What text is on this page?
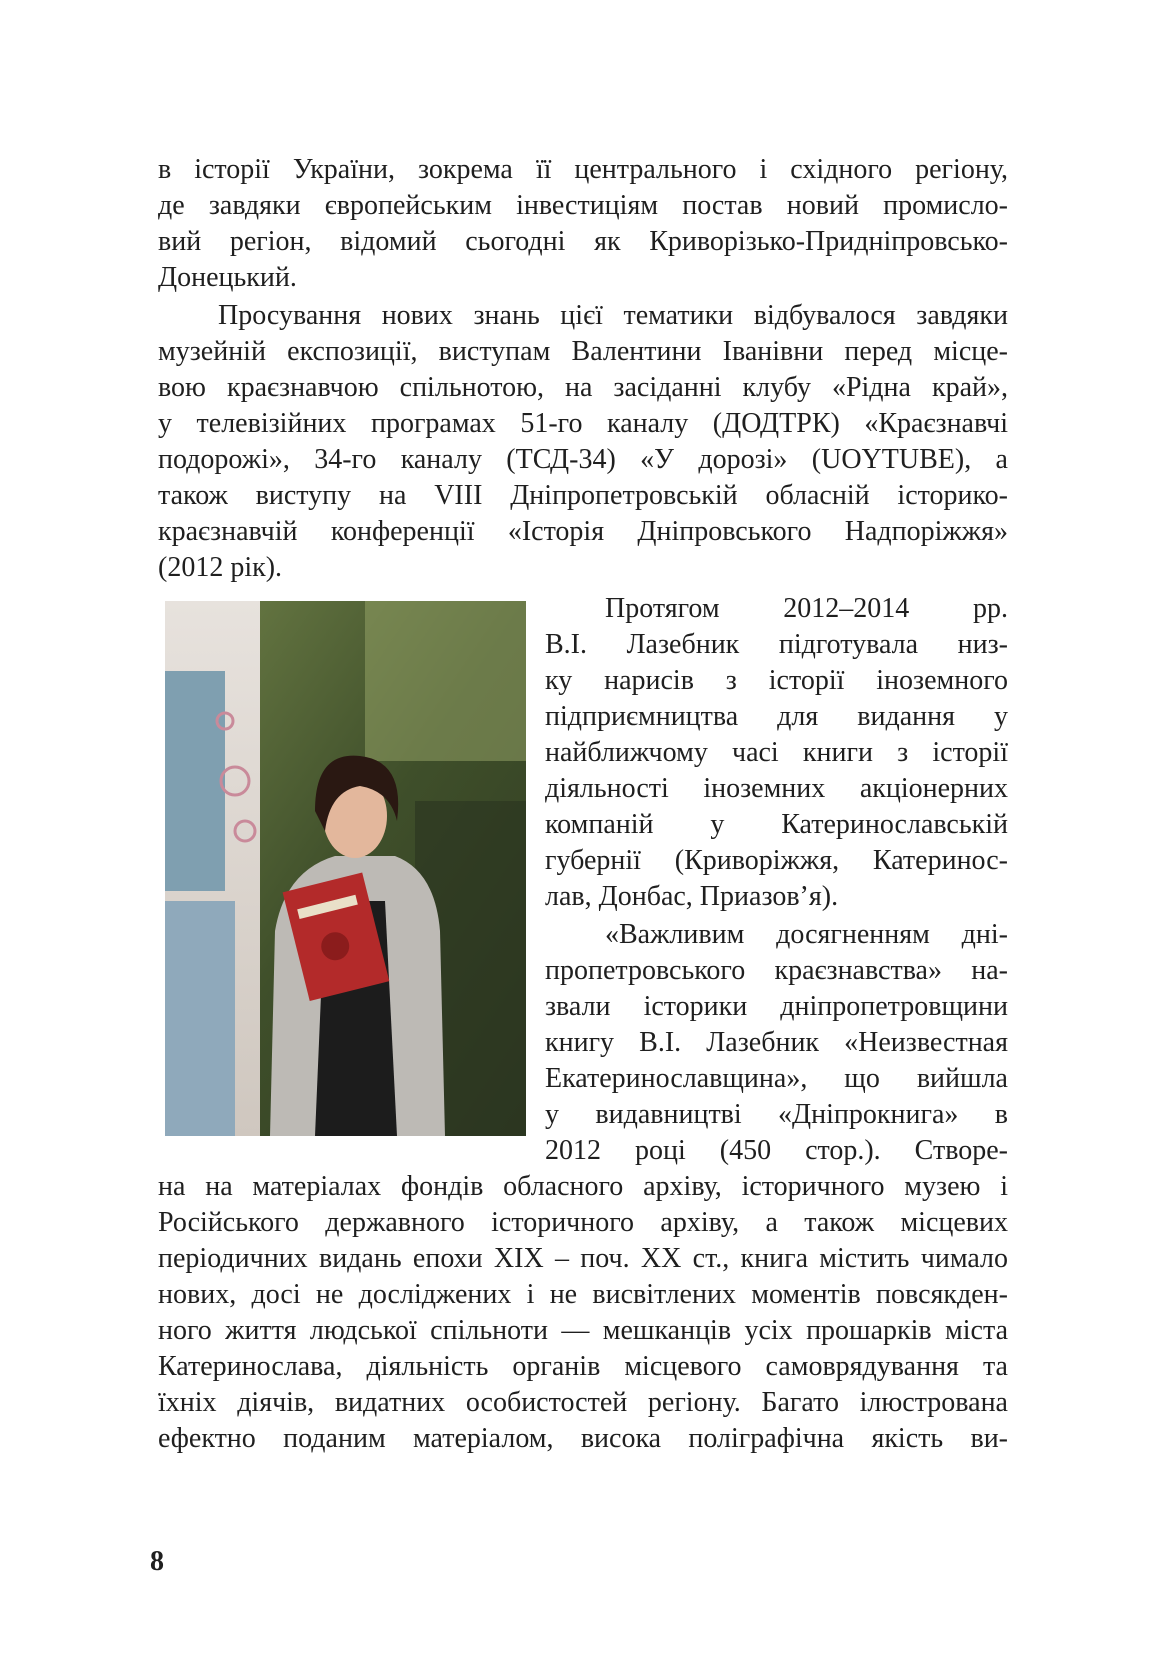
в історії України, зокрема її центрального і східного регіону,
де завдяки європейським інвестиціям постав новий промисло-
вий регіон, відомий сьогодні як Криворізько-Придніпровсько-
Донецький.
Просування нових знань цієї тематики відбувалося завдяки
музейній експозиції, виступам Валентини Іванівни перед місце-
вою краєзнавчою спільнотою, на засіданні клубу «Рідна край»,
у телевізійних програмах 51-го каналу (ДОДТРК) «Краєзнавчі
подорожі», 34-го каналу (ТСД-34) «У дорозі» (UOYTUBE), а
також виступу на VIII Дніпропетровській обласній історико-
краєзнавчій конференції «Історія Дніпровського Надпоріжжя»
(2012 рік).
Протягом 2012–2014 рр.
В.І. Лазебник підготувала низ-
ку нарисів з історії іноземного
підприємництва для видання у
найближчому часі книги з історії
діяльності іноземних акціонерних
компаній у Катеринославській
губернії (Криворіжжя, Катеринос-
лав, Донбас, Приазов’я).
«Важливим досягненням дні-
пропетровського краєзнавства» на-
звали історики дніпропетровщини
книгу В.І. Лазебник «Неизвестная
Екатеринославщина», що вийшла
у видавництві «Дніпрокнига» в
2012 році (450 стор.). Створе-
на на матеріалах фондів обласного архіву, історичного музею і
Російського державного історичного архіву, а також місцевих
періодичних видань епохи XIX – поч. XX ст., книга містить чимало
нових, досі не досліджених і не висвітлених моментів повсякден-
ного життя людської спільноти — мешканців усіх прошарків міста
Катеринослава, діяльність органів місцевого самоврядування та
їхніх діячів, видатних особистостей регіону. Багато ілюстрована
ефектно поданим матеріалом, висока поліграфічна якість ви-
8
